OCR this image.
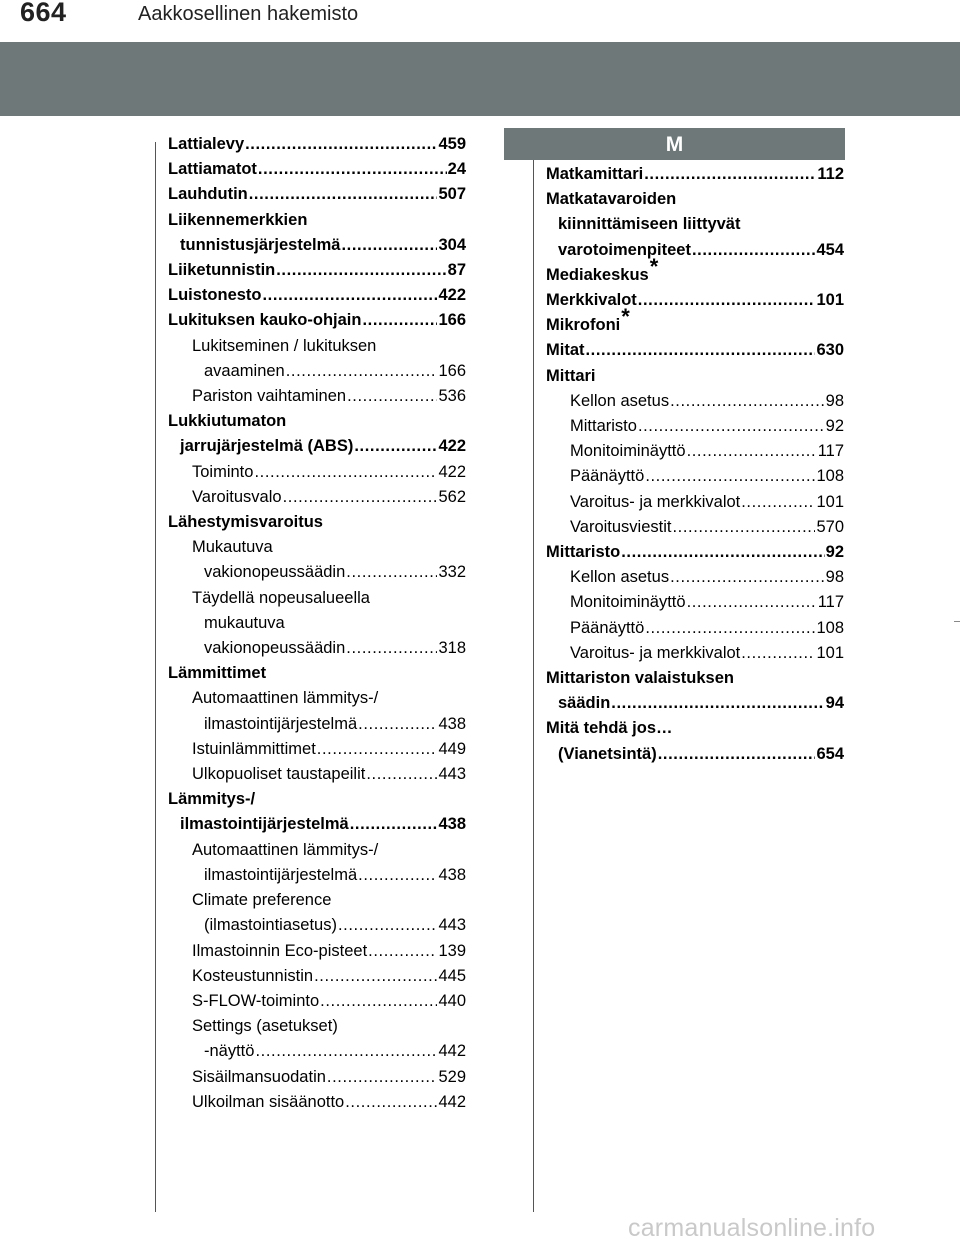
664	Aakkosellinen hakemisto
Lattialevy .....	459
Lattiamatot .....	24
Lauhdutin .....	507
Liikennemerkkien
tunnistusjärjestelmä .....	304
Liiketunnistin .....	87
Luistonesto .....	422
Lukituksen kauko-ohjain .....	166
Lukitseminen / lukituksen
avaaminen .....	166
Pariston vaihtaminen .....	536
Lukkiutumaton
jarrujärjestelmä (ABS) .....	422
Toiminto .....	422
Varoitusvalo .....	562
Lähestymisvaroitus
Mukautuva
vakionopeussäädin .....	332
Täydellä nopeusalueella
mukautuva
vakionopeussäädin .....	318
Lämmittimet
Automaattinen lämmitys-/
ilmastointijärjestelmä .....	438
Istuinlämmittimet .....	449
Ulkopuoliset taustapeilit .....	443
Lämmitys-/
ilmastointijärjestelmä .....	438
Automaattinen lämmitys-/
ilmastointijärjestelmä .....	438
Climate preference
(ilmastointiasetus) .....	443
Ilmastoinnin Eco-pisteet .....	139
Kosteustunnistin .....	445
S-FLOW-toiminto .....	440
Settings (asetukset)
-näyttö .....	442
Sisäilmansuodatin .....	529
Ulkoilman sisäänotto .....	442
M
Matkamittari .....	112
Matkatavaroiden
kiinnittämiseen liittyvät
varotoimenpiteet .....	454
Mediakeskus*
Merkkivalot .....	101
Mikrofoni*
Mitat .....	630
Mittari
Kellon asetus .....	98
Mittaristo .....	92
Monitoiminäyttö .....	117
Päänäyttö .....	108
Varoitus- ja merkkivalot .....	101
Varoitusviestit .....	570
Mittaristo .....	92
Kellon asetus .....	98
Monitoiminäyttö .....	117
Päänäyttö .....	108
Varoitus- ja merkkivalot .....	101
Mittariston valaistuksen
säädin .....	94
Mitä tehdä jos…
(Vianetsintä) .....	654
carmanualsonline.info
